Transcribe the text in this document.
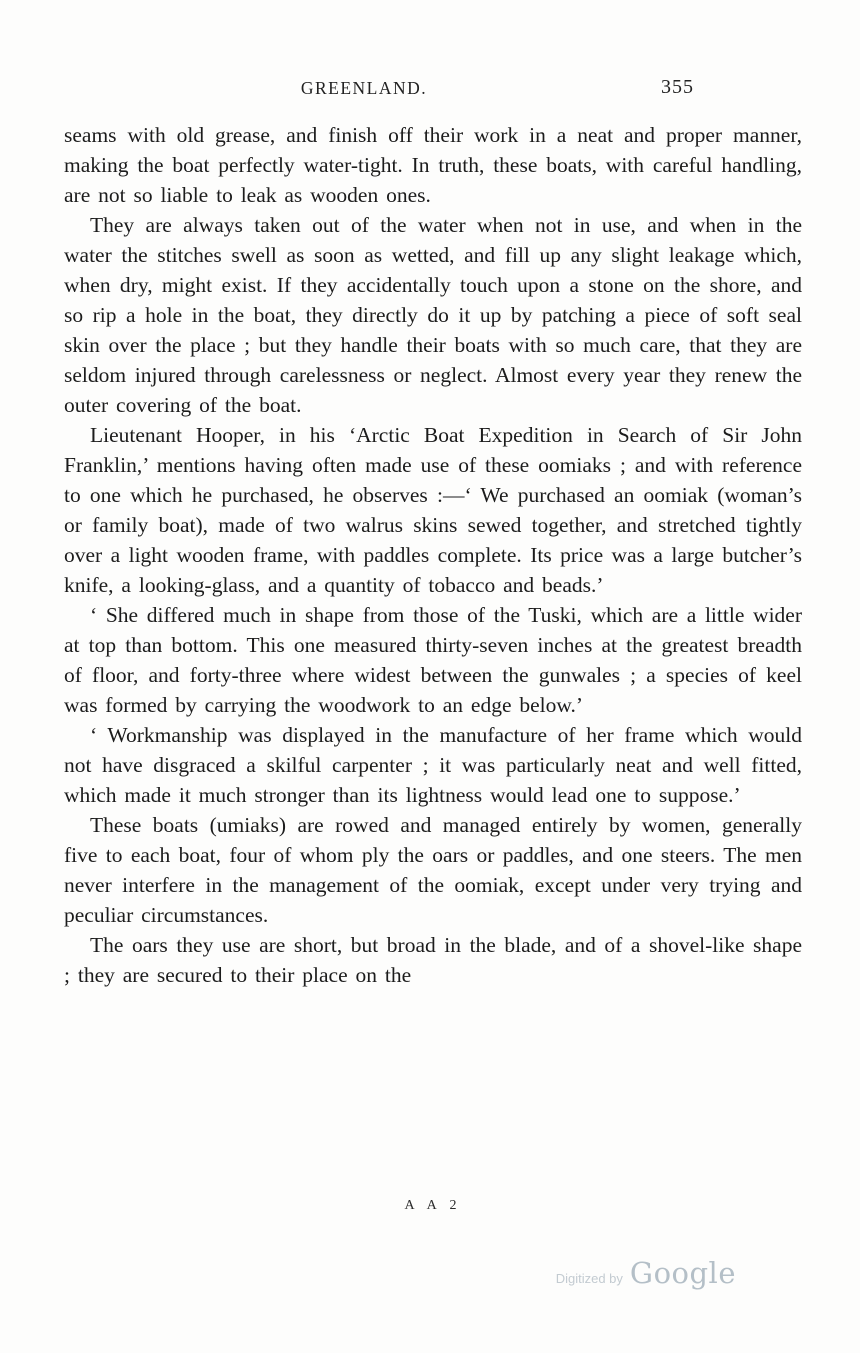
GREENLAND.	355

seams with old grease, and finish off their work in a neat and proper manner, making the boat perfectly water-tight. In truth, these boats, with careful handling, are not so liable to leak as wooden ones.

They are always taken out of the water when not in use, and when in the water the stitches swell as soon as wetted, and fill up any slight leakage which, when dry, might exist. If they accidentally touch upon a stone on the shore, and so rip a hole in the boat, they directly do it up by patching a piece of soft seal skin over the place ; but they handle their boats with so much care, that they are seldom injured through carelessness or neglect. Almost every year they renew the outer covering of the boat.

Lieutenant Hooper, in his ‘Arctic Boat Expedition in Search of Sir John Franklin,’ mentions having often made use of these oomiaks ; and with reference to one which he purchased, he observes :—‘ We purchased an oomiak (woman’s or family boat), made of two walrus skins sewed together, and stretched tightly over a light wooden frame, with paddles complete. Its price was a large butcher’s knife, a looking-glass, and a quantity of tobacco and beads.’

‘ She differed much in shape from those of the Tuski, which are a little wider at top than bottom. This one measured thirty-seven inches at the greatest breadth of floor, and forty-three where widest between the gunwales ; a species of keel was formed by carrying the woodwork to an edge below.’

‘ Workmanship was displayed in the manufacture of her frame which would not have disgraced a skilful carpenter ; it was particularly neat and well fitted, which made it much stronger than its lightness would lead one to suppose.’

These boats (umiaks) are rowed and managed entirely by women, generally five to each boat, four of whom ply the oars or paddles, and one steers. The men never interfere in the management of the oomiak, except under very trying and peculiar circumstances.

The oars they use are short, but broad in the blade, and of a shovel-like shape ; they are secured to their place on the

A A 2
Digitized by Google
